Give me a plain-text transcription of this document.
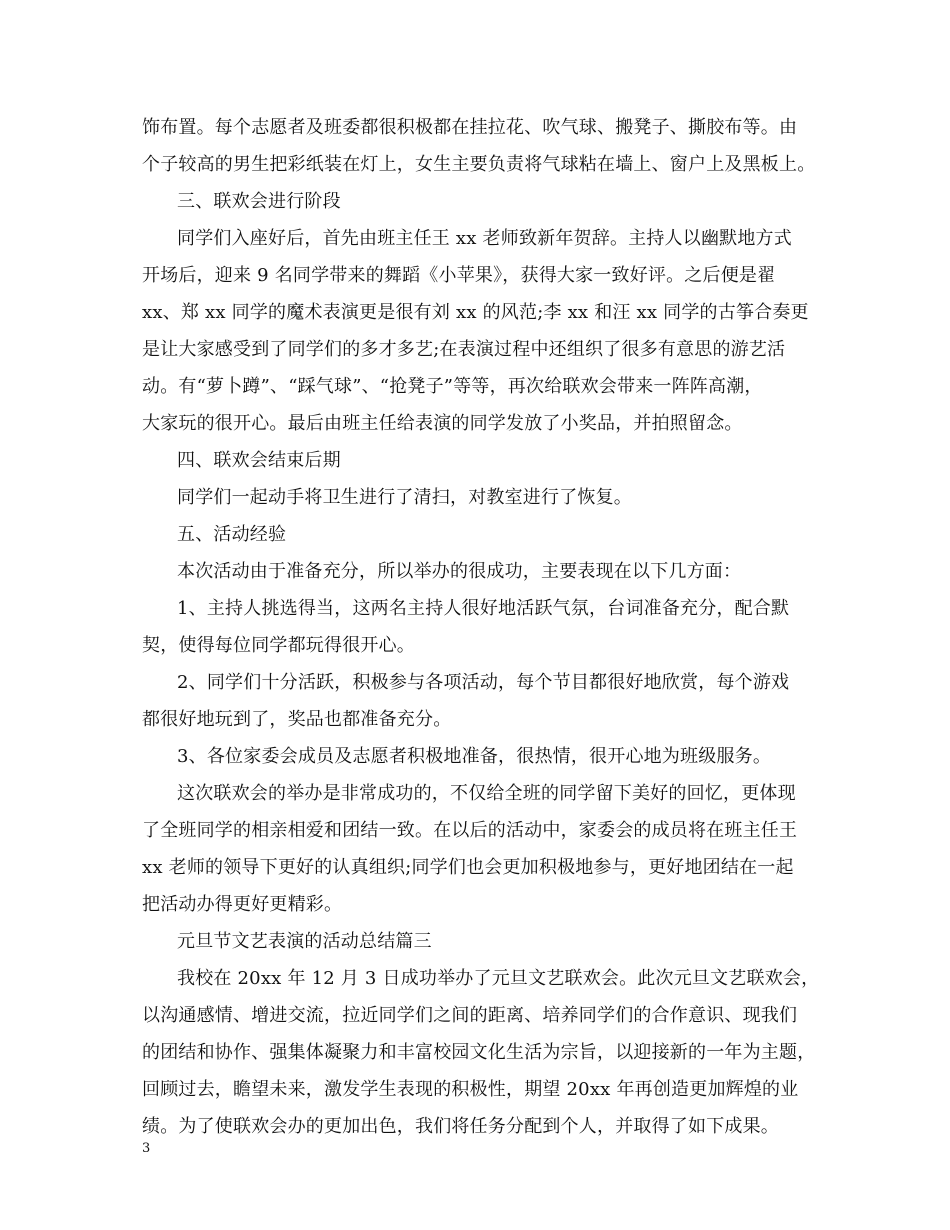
饰布置。每个志愿者及班委都很积极都在挂拉花、吹气球、搬凳子、撕胶布等。由
个子较高的男生把彩纸装在灯上，女生主要负责将气球粘在墙上、窗户上及黑板上。
三、联欢会进行阶段
同学们入座好后，首先由班主任王 xx 老师致新年贺辞。主持人以幽默地方式
开场后，迎来 9 名同学带来的舞蹈《小苹果》，获得大家一致好评。之后便是翟
xx、郑 xx 同学的魔术表演更是很有刘 xx 的风范;李 xx 和汪 xx 同学的古筝合奏更
是让大家感受到了同学们的多才多艺;在表演过程中还组织了很多有意思的游艺活
动。有“萝卜蹲”、“踩气球”、“抢凳子”等等，再次给联欢会带来一阵阵高潮，
大家玩的很开心。最后由班主任给表演的同学发放了小奖品，并拍照留念。
四、联欢会结束后期
同学们一起动手将卫生进行了清扫，对教室进行了恢复。
五、活动经验
本次活动由于准备充分，所以举办的很成功，主要表现在以下几方面：
1、主持人挑选得当，这两名主持人很好地活跃气氛，台词准备充分，配合默
契，使得每位同学都玩得很开心。
2、同学们十分活跃，积极参与各项活动，每个节目都很好地欣赏，每个游戏
都很好地玩到了，奖品也都准备充分。
3、各位家委会成员及志愿者积极地准备，很热情，很开心地为班级服务。
这次联欢会的举办是非常成功的，不仅给全班的同学留下美好的回忆，更体现
了全班同学的相亲相爱和团结一致。在以后的活动中，家委会的成员将在班主任王
xx 老师的领导下更好的认真组织;同学们也会更加积极地参与，更好地团结在一起
把活动办得更好更精彩。
元旦节文艺表演的活动总结篇三
我校在 20xx 年 12 月 3 日成功举办了元旦文艺联欢会。此次元旦文艺联欢会，
以沟通感情、增进交流，拉近同学们之间的距离、培养同学们的合作意识、现我们
的团结和协作、强集体凝聚力和丰富校园文化生活为宗旨，以迎接新的一年为主题，
回顾过去，瞻望未来，激发学生表现的积极性，期望 20xx 年再创造更加辉煌的业
绩。为了使联欢会办的更加出色，我们将任务分配到个人，并取得了如下成果。
3
